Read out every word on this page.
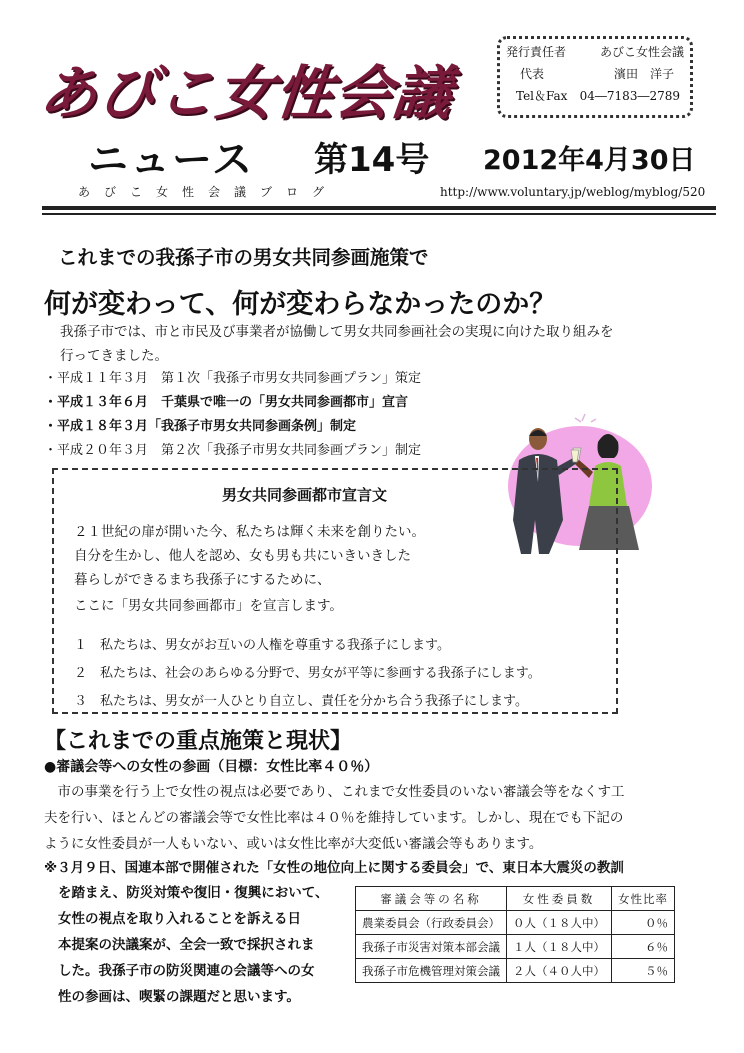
あびこ女性会議
発行責任者	あびこ女性会議
代表	濱田　洋子
Tel＆Fax 04―7183―2789
ニュース 第14号 2012年4月30日
あびこ女性会議ブログ	http://www.voluntary.jp/weblog/myblog/520
これまでの我孫子市の男女共同参画施策で
何が変わって、何が変わらなかったのか？
我孫子市では、市と市民及び事業者が協働して男女共同参画社会の実現に向けた取り組みを
行ってきました。
・平成１１年３月　第１次「我孫子市男女共同参画プラン」策定
・平成１３年６月　千葉県で唯一の「男女共同参画都市」宣言
・平成１８年３月「我孫子市男女共同参画条例」制定
・平成２０年３月　第２次「我孫子市男女共同参画プラン」制定
男女共同参画都市宣言文
２１世紀の扉が開いた今、私たちは輝く未来を創りたい。
自分を生かし、他人を認め、女も男も共にいきいきした
暮らしができるまち我孫子にするために、
ここに「男女共同参画都市」を宣言します。
１　私たちは、男女がお互いの人権を尊重する我孫子にします。
２　私たちは、社会のあらゆる分野で、男女が平等に参画する我孫子にします。
３　私たちは、男女が一人ひとり自立し、責任を分かち合う我孫子にします。
【これまでの重点施策と現状】
●審議会等への女性の参画（目標：女性比率４０％）
　市の事業を行う上で女性の視点は必要であり、これまで女性委員のいない審議会等をなくす工
夫を行い、ほとんどの審議会等で女性比率は４０％を維持しています。しかし、現在でも下記の
ように女性委員が一人もいない、或いは女性比率が大変低い審議会等もあります。
※３月９日、国連本部で開催された「女性の地位向上に関する委員会」で、東日本大震災の教訓
を踏まえ、防災対策や復旧・復興において、
女性の視点を取り入れることを訴える日
本提案の決議案が、全会一致で採択されま
した。我孫子市の防災関連の会議等への女
性の参画は、喫緊の課題だと思います。
審議会等の名称	女性委員数	女性比率
農業委員会（行政委員会）	０人（１８人中）	０％
我孫子市災害対策本部会議	１人（１８人中）	６％
我孫子市危機管理対策会議	２人（４０人中）	５％
